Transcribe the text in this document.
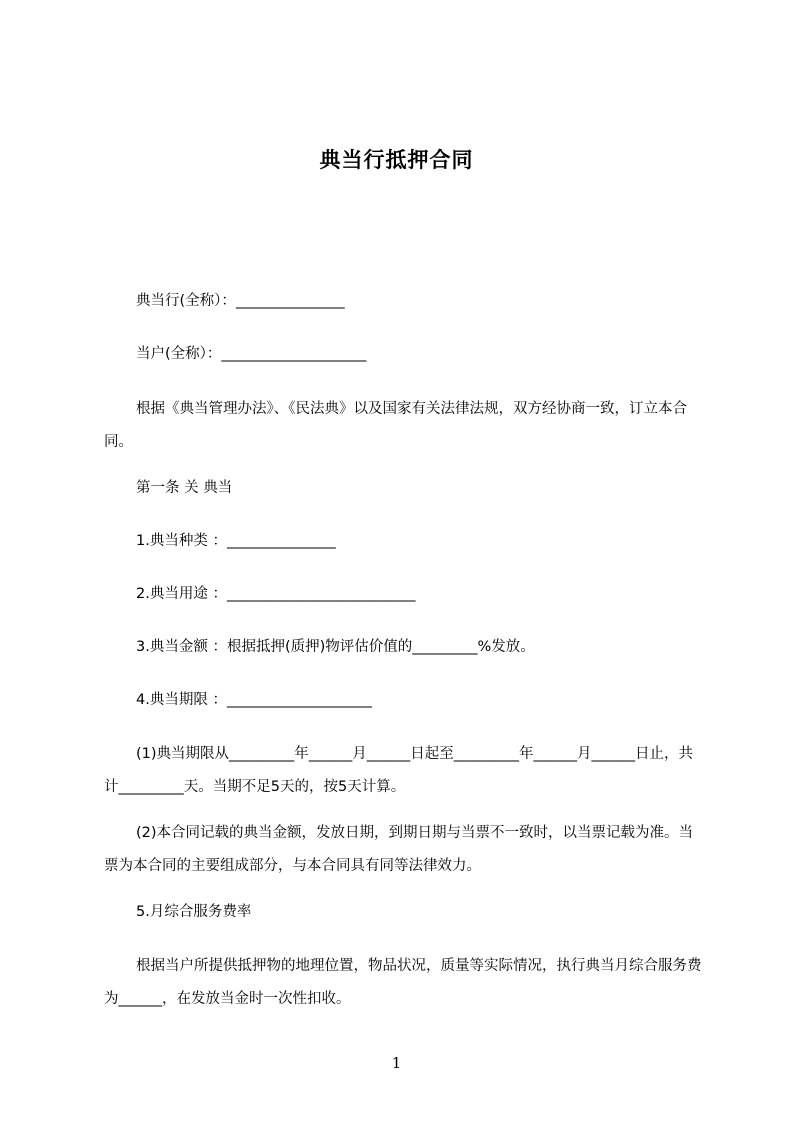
典当行抵押合同
典当行(全称）：_______________
当户(全称）：____________________
根据《典当管理办法》、《民法典》以及国家有关法律法规，双方经协商一致，订立本合同。
第一条 关 典当
1.典当种类 ：_______________
2.典当用途 ：__________________________
3.典当金额 ：根据抵押(质押)物评估价值的_________%发放。
4.典当期限 ：____________________
(1)典当期限从_________年______月______日起至_________年______月______日止，共计_________天。当期不足5天的，按5天计算。
(2)本合同记载的典当金额，发放日期，到期日期与当票不一致时，以当票记载为准。当票为本合同的主要组成部分，与本合同具有同等法律效力。
5.月综合服务费率
根据当户所提供抵押物的地理位置，物品状况，质量等实际情况，执行典当月综合服务费为______，在发放当金时一次性扣收。
1
